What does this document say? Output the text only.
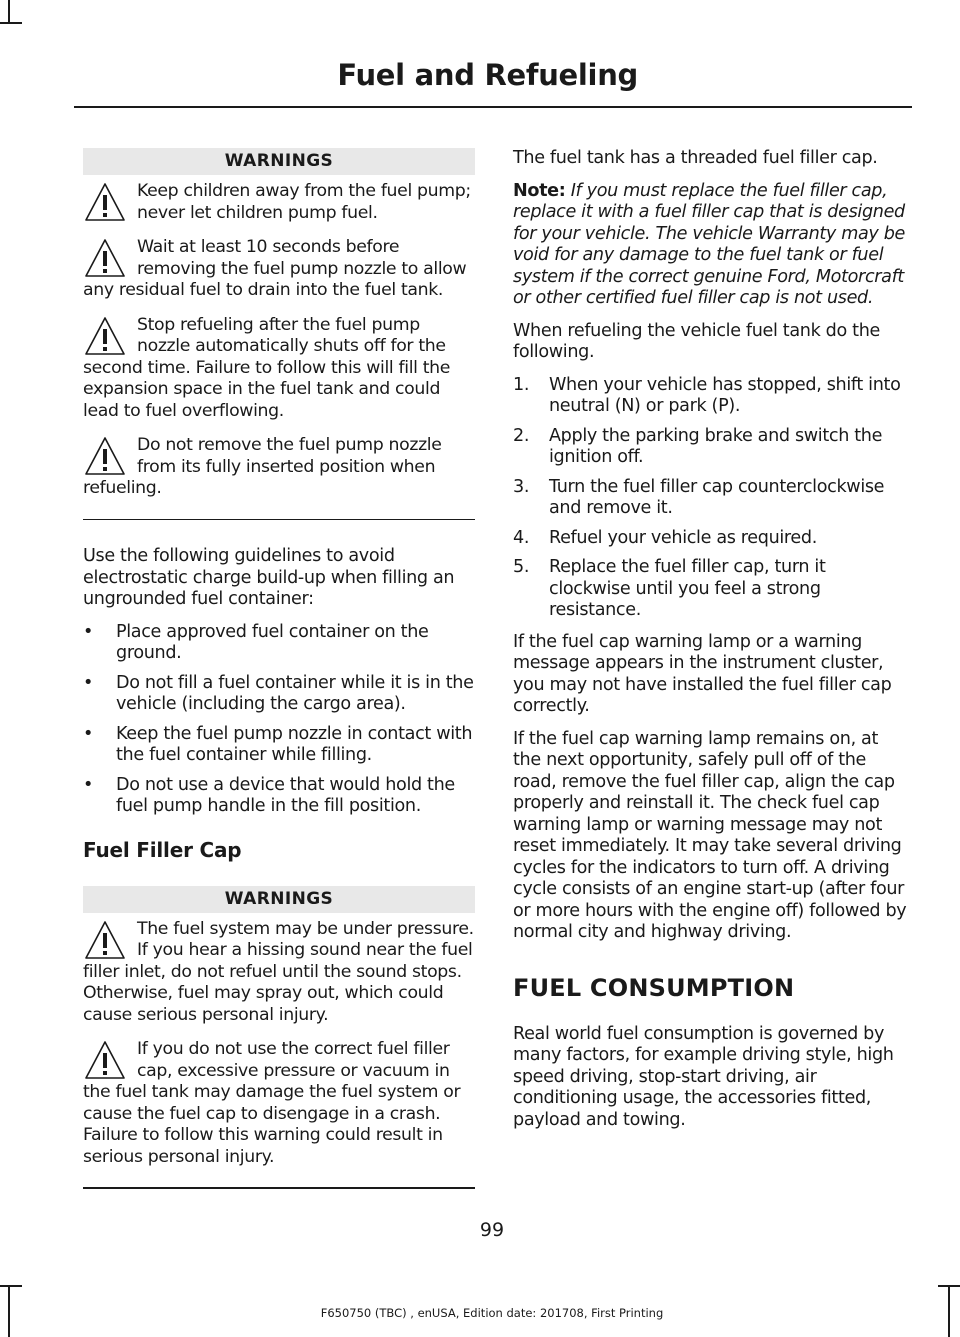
Fuel and Refueling
WARNINGS
Keep children away from the fuel pump; never let children pump fuel.
Wait at least 10 seconds before removing the fuel pump nozzle to allow any residual fuel to drain into the fuel tank.
Stop refueling after the fuel pump nozzle automatically shuts off for the second time. Failure to follow this will fill the expansion space in the fuel tank and could lead to fuel overflowing.
Do not remove the fuel pump nozzle from its fully inserted position when refueling.

Use the following guidelines to avoid electrostatic charge build-up when filling an ungrounded fuel container:

• Place approved fuel container on the ground.
• Do not fill a fuel container while it is in the vehicle (including the cargo area).
• Keep the fuel pump nozzle in contact with the fuel container while filling.
• Do not use a device that would hold the fuel pump handle in the fill position.
Fuel Filler Cap
WARNINGS
The fuel system may be under pressure. If you hear a hissing sound near the fuel filler inlet, do not refuel until the sound stops. Otherwise, fuel may spray out, which could cause serious personal injury.
If you do not use the correct fuel filler cap, excessive pressure or vacuum in the fuel tank may damage the fuel system or cause the fuel cap to disengage in a crash. Failure to follow this warning could result in serious personal injury.

The fuel tank has a threaded fuel filler cap.

Note: If you must replace the fuel filler cap, replace it with a fuel filler cap that is designed for your vehicle. The vehicle Warranty may be void for any damage to the fuel tank or fuel system if the correct genuine Ford, Motorcraft or other certified fuel filler cap is not used.

When refueling the vehicle fuel tank do the following.

1. When your vehicle has stopped, shift into neutral (N) or park (P).
2. Apply the parking brake and switch the ignition off.
3. Turn the fuel filler cap counterclockwise and remove it.
4. Refuel your vehicle as required.
5. Replace the fuel filler cap, turn it clockwise until you feel a strong resistance.

If the fuel cap warning lamp or a warning message appears in the instrument cluster, you may not have installed the fuel filler cap correctly.

If the fuel cap warning lamp remains on, at the next opportunity, safely pull off of the road, remove the fuel filler cap, align the cap properly and reinstall it. The check fuel cap warning lamp or warning message may not reset immediately. It may take several driving cycles for the indicators to turn off. A driving cycle consists of an engine start-up (after four or more hours with the engine off) followed by normal city and highway driving.

FUEL CONSUMPTION

Real world fuel consumption is governed by many factors, for example driving style, high speed driving, stop-start driving, air conditioning usage, the accessories fitted, payload and towing.

99
F650750 (TBC) , enUSA, Edition date: 201708, First Printing
